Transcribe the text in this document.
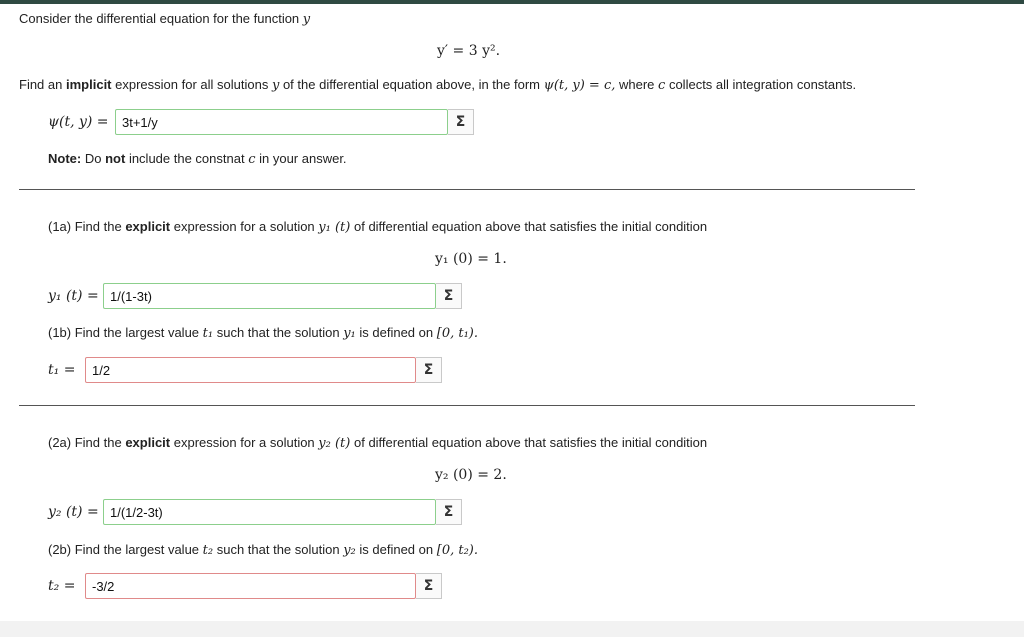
Consider the differential equation for the function y
y′ = 3 y².
Find an implicit expression for all solutions y of the differential equation above, in the form ψ(t, y) = c, where c collects all integration constants.
ψ(t, y) =
3t+1/y	Σ
Note: Do not include the constnat c in your answer.
(1a) Find the explicit expression for a solution y₁ (t) of differential equation above that satisfies the initial condition
y₁ (0) = 1.
y₁ (t) =
1/(1-3t)	Σ
(1b) Find the largest value t₁ such that the solution y₁ is defined on [0, t₁).
t₁ =
1/2	Σ
(2a) Find the explicit expression for a solution y₂ (t) of differential equation above that satisfies the initial condition
y₂ (0) = 2.
y₂ (t) =
1/(1/2-3t)	Σ
(2b) Find the largest value t₂ such that the solution y₂ is defined on [0, t₂).
t₂ =
-3/2	Σ
